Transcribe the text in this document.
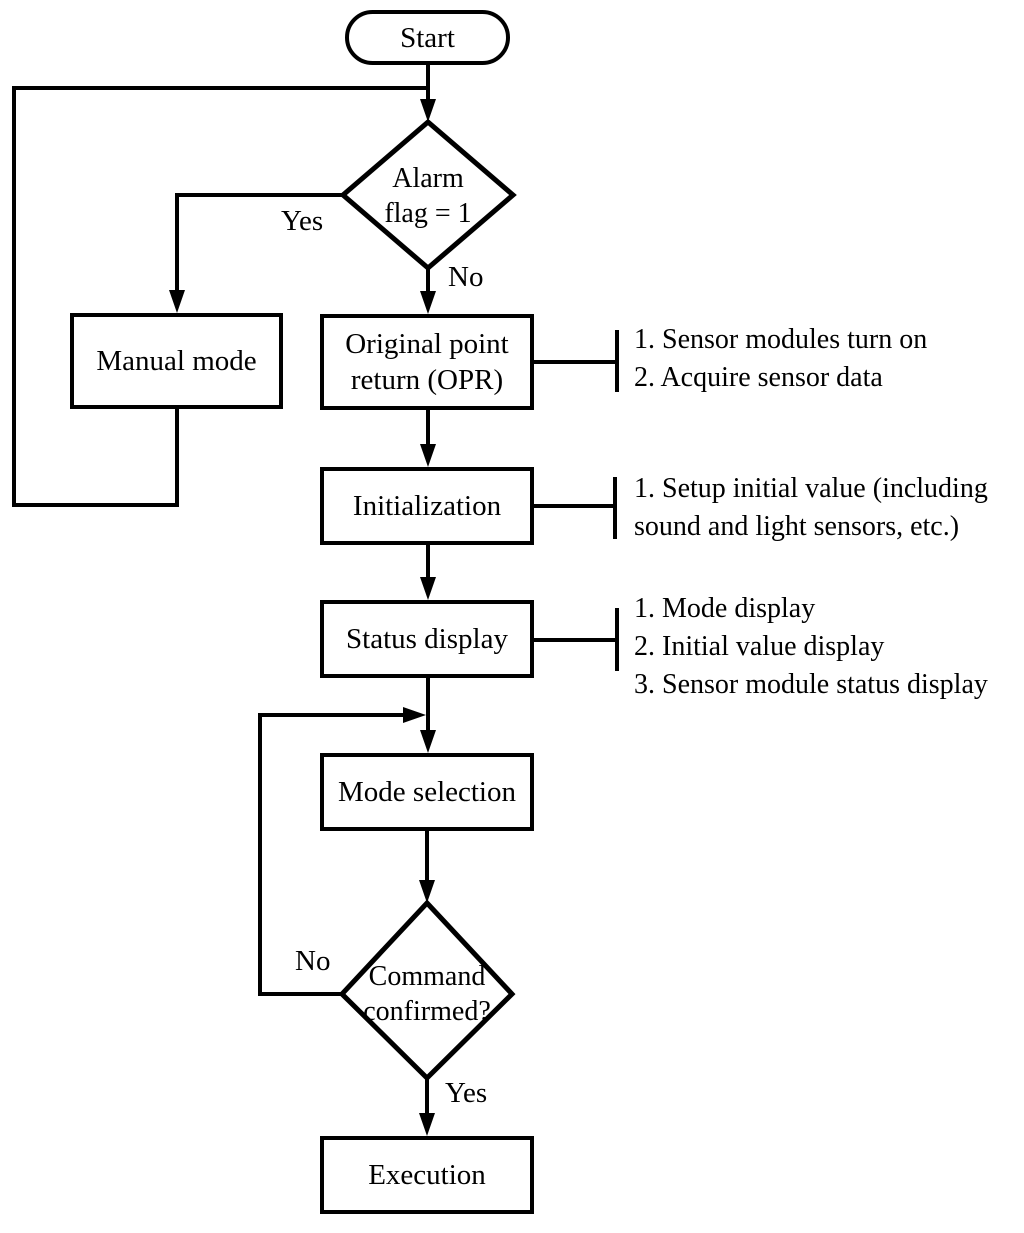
Start
Alarm
flag = 1
Manual mode
Original point
return (OPR)
Initialization
Status display
Mode selection
Command
confirmed?
Execution
Yes
No
No
Yes
1. Sensor modules turn on
2. Acquire sensor data
1. Setup initial value (including
sound and light sensors, etc.)
1. Mode display
2. Initial value display
3. Sensor module status display
